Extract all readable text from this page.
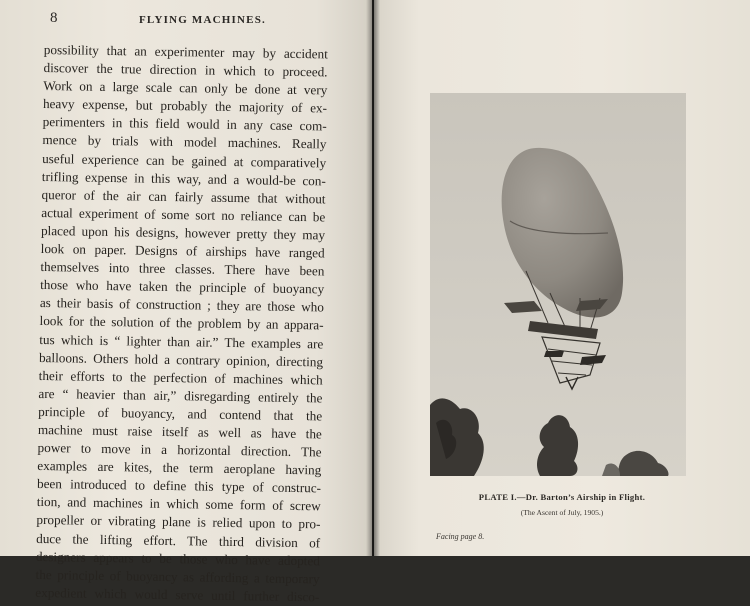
8	FLYING MACHINES.
possibility that an experimenter may by accident
discover the true direction in which to proceed.
Work on a large scale can only be done at very
heavy expense, but probably the majority of ex-
perimenters in this field would in any case com-
mence by trials with model machines. Really
useful experience can be gained at comparatively
trifling expense in this way, and a would-be con-
queror of the air can fairly assume that without
actual experiment of some sort no reliance can be
placed upon his designs, however pretty they may
look on paper. Designs of airships have ranged
themselves into three classes. There have been
those who have taken the principle of buoyancy
as their basis of construction ; they are those who
look for the solution of the problem by an appara-
tus which is “ lighter than air.” The examples are
balloons. Others hold a contrary opinion, directing
their efforts to the perfection of machines which
are “ heavier than air,” disregarding entirely the
principle of buoyancy, and contend that the
machine must raise itself as well as have the
power to move in a horizontal direction. The
examples are kites, the term aeroplane having
been introduced to define this type of construc-
tion, and machines in which some form of screw
propeller or vibrating plane is relied upon to pro-
duce the lifting effort. The third division of
designers appears to be those who have adopted
the principle of buoyancy as affording a temporary
expedient which would serve until further disco-
PLATE I.—Dr. Barton’s Airship in Flight.
(The Ascent of July, 1905.)
Facing page 8.
